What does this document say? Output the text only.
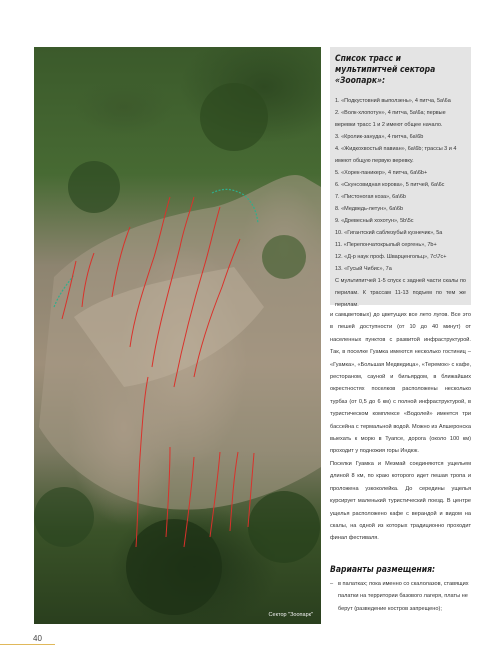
Сектор "Зоопарк"
Список трасс и мультипитчей сектора «Зоопарк»:
1. «Подкустовний выползень», 4 питча, 5a\6a
2. «Волк-хлопотун», 4 питча, 5a\6a; первые веревки трасс 1 и 2 имеют общее начало.
3. «Кролик-занудa», 4 питча, 6a\6b
4. «Жидкохвостый павиан», 6a\6b; трассы 3 и 4 имеют общую первую веревку.
5. «Хорек-паникер», 4 питча, 6a\6b+
6. «Скунсовидная корова», 5 питчей, 6a\6c
7. «Пистоногая коза», 6a\6b
8. «Медведь-летун», 6a\6b
9. «Древесный хохотун», 5b\5c
10. «Гигантский саблезубый кузнечик», 5a
11. «Перепончатокрылый сергень», 7b+
12. «Д-р наук проф. Шварценгольц», 7c\7c+
13. «Гусый Чибис», 7a
С мультипитчей 1-5 спуск с задней части скалы по перилам. К трассам 11-13 подъем по тем же перилам.

и самцветовых) до цветущих все лето лугов. Все это в пешей доступности (от 10 до 40 минут) от населенных пунктов с развитой инфраструктурой. Так, в поселке Гуамка имеются несколько гостиниц – «Гуамка», «Большая Медведица», «Теремок» с кафе, рестораном, сауной и бильярдом, в ближайших окрестностях поселков расположены несколько турбаз (от 0,5 до 6 км) с полной инфраструктурой, в туристическом комплексе «Водолей» имеется три бассейна с термальной водой. Можно из Апшеронска выехать к морю в Туапсе, дорога (около 100 км) проходит у подножия горы Индюк.

Поселки Гуамка и Мезмай соединяются ущельем длиной 8 км, по краю которого идет пешая тропа и проложена узкоколейка. До середины ущелья курсирует маленький туристический поезд. В центре ущелья расположено кафе с верандой и видом на скалы, на одной из которых традиционно проходит финал фестиваля.

Варианты размещения:
– в палатках; пока именно со скалолазов, ставящих палатки на территории базового лагеря, платы не берут (разведение костров запрещено);
40
